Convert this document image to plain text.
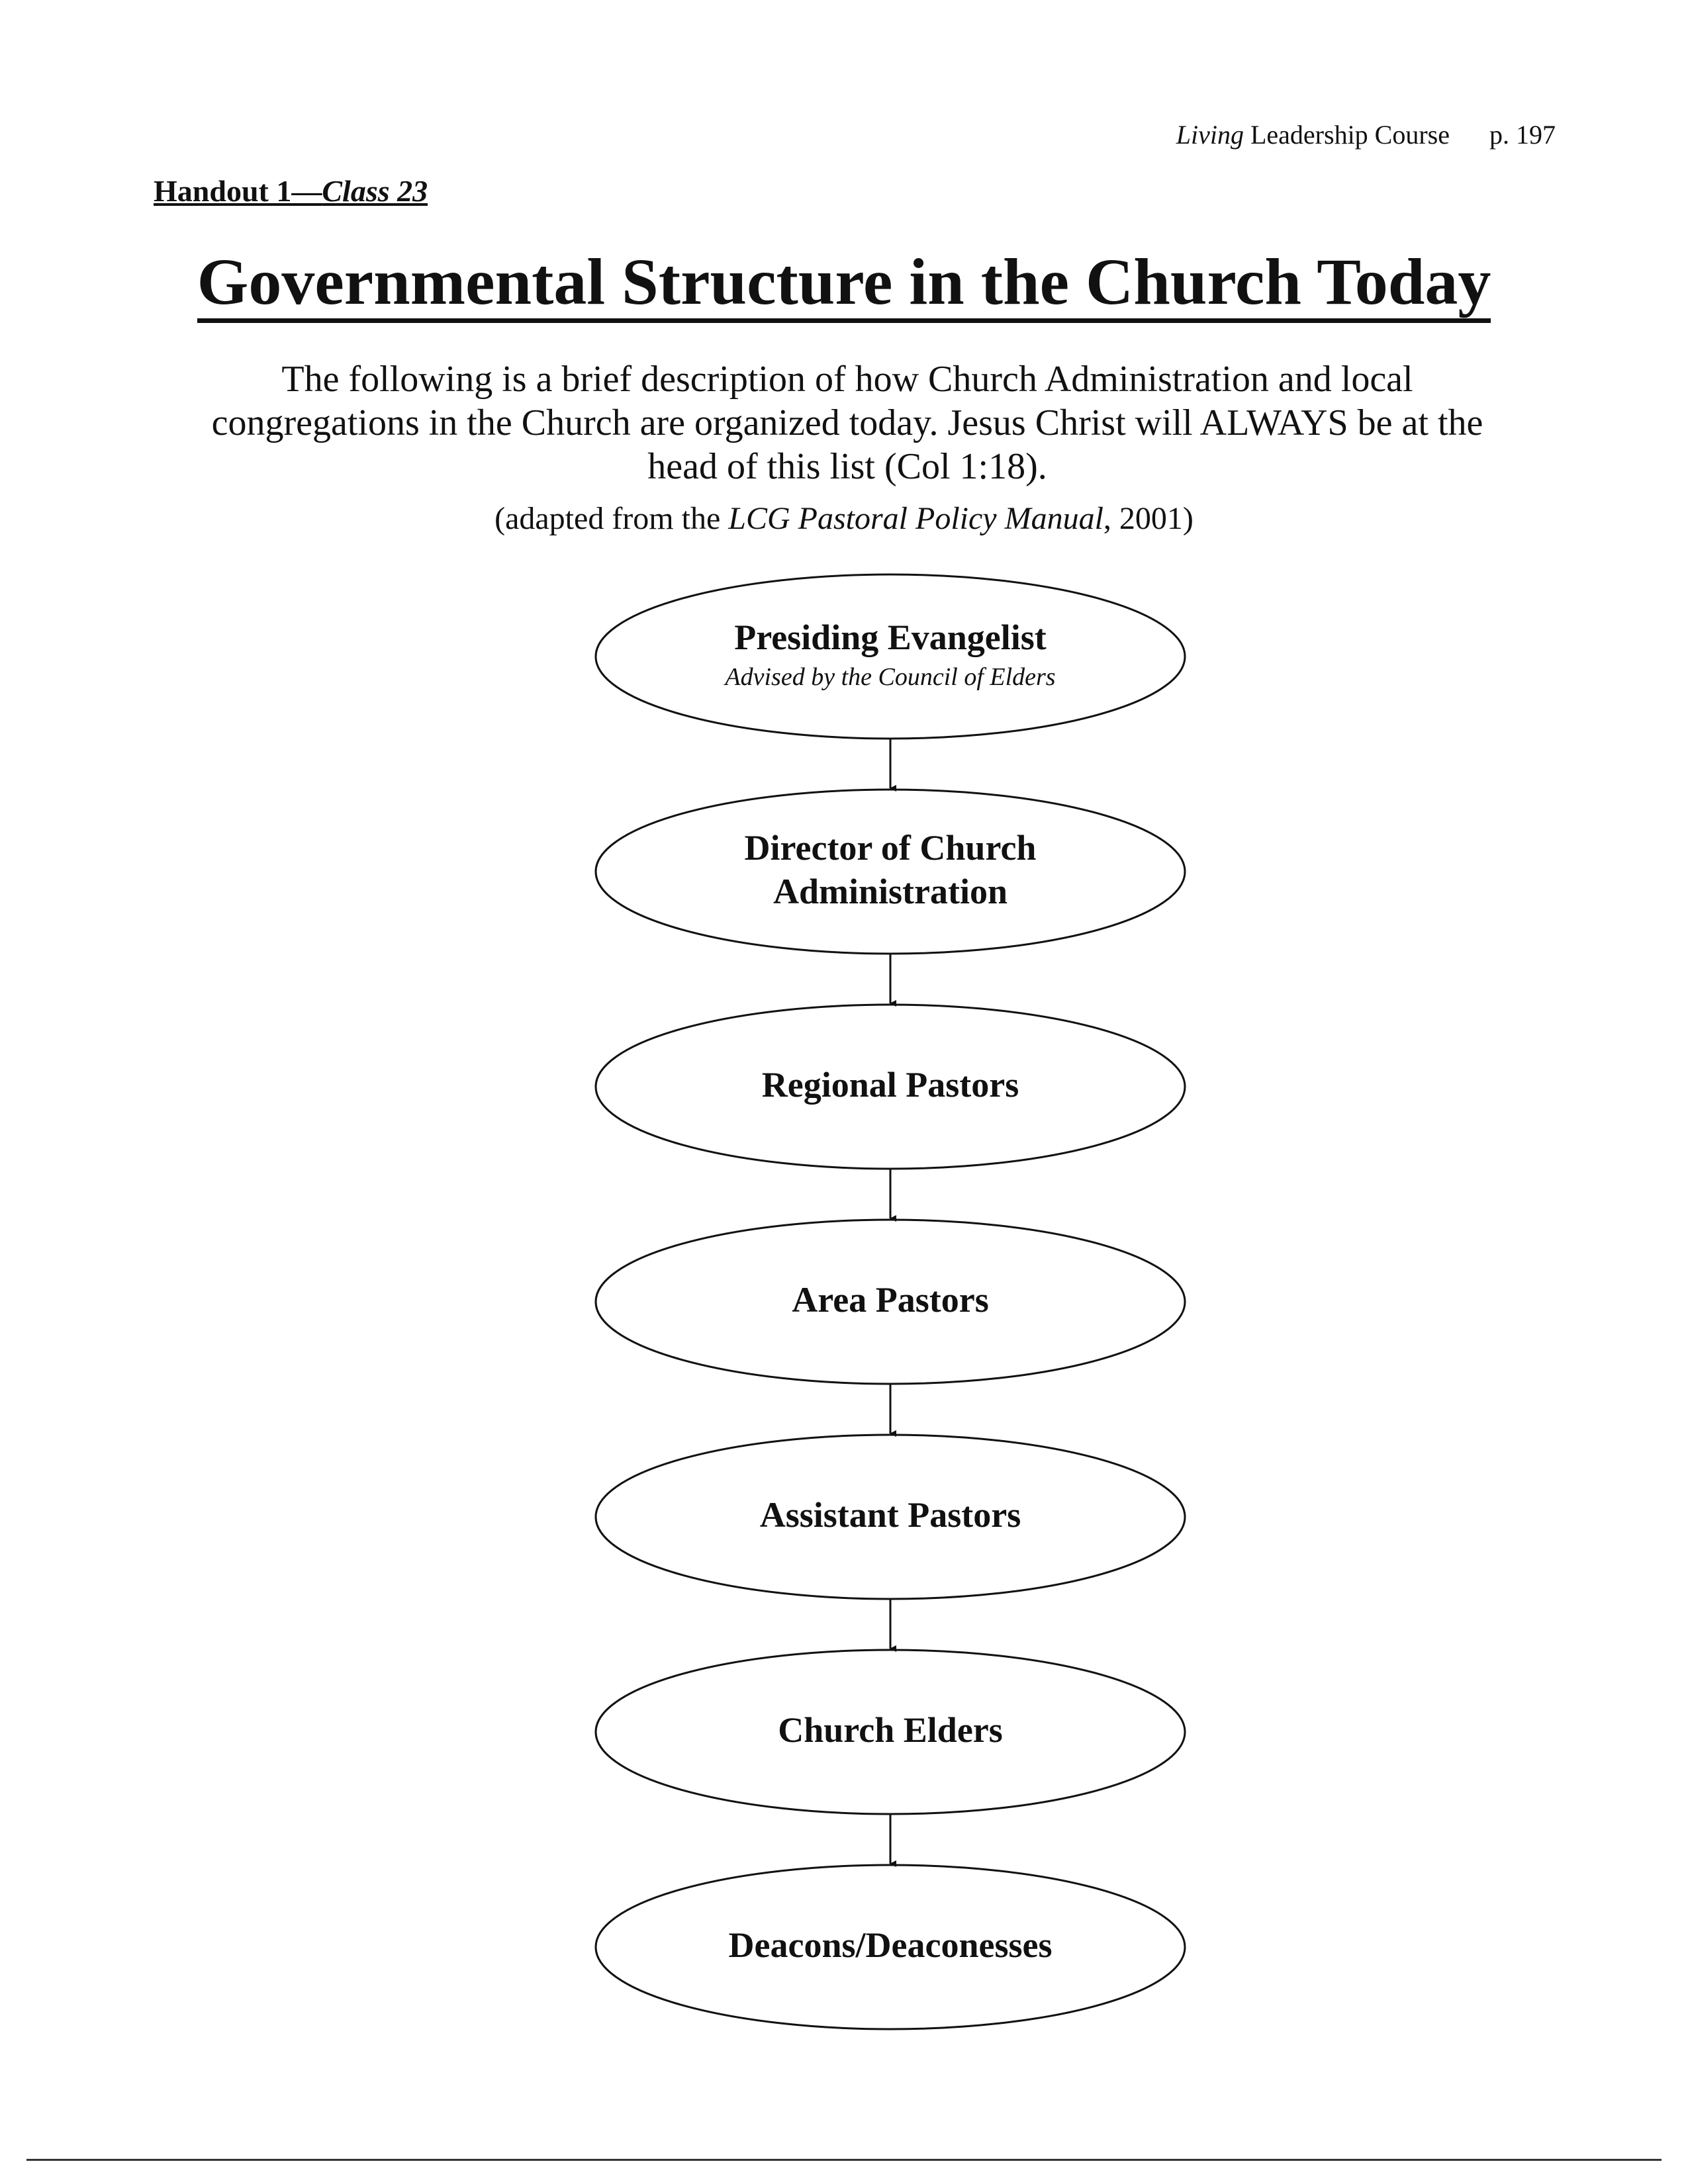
Living Leadership Course p. 197
Handout 1—Class 23
Governmental Structure in the Church Today
The following is a brief description of how Church Administration and local
congregations in the Church are organized today. Jesus Christ will ALWAYS be at the
head of this list (Col 1:18).
(adapted from the LCG Pastoral Policy Manual, 2001)
Presiding Evangelist
Advised by the Council of Elders
Director of Church
Administration
Regional Pastors
Area Pastors
Assistant Pastors
Church Elders
Deacons/Deaconesses
